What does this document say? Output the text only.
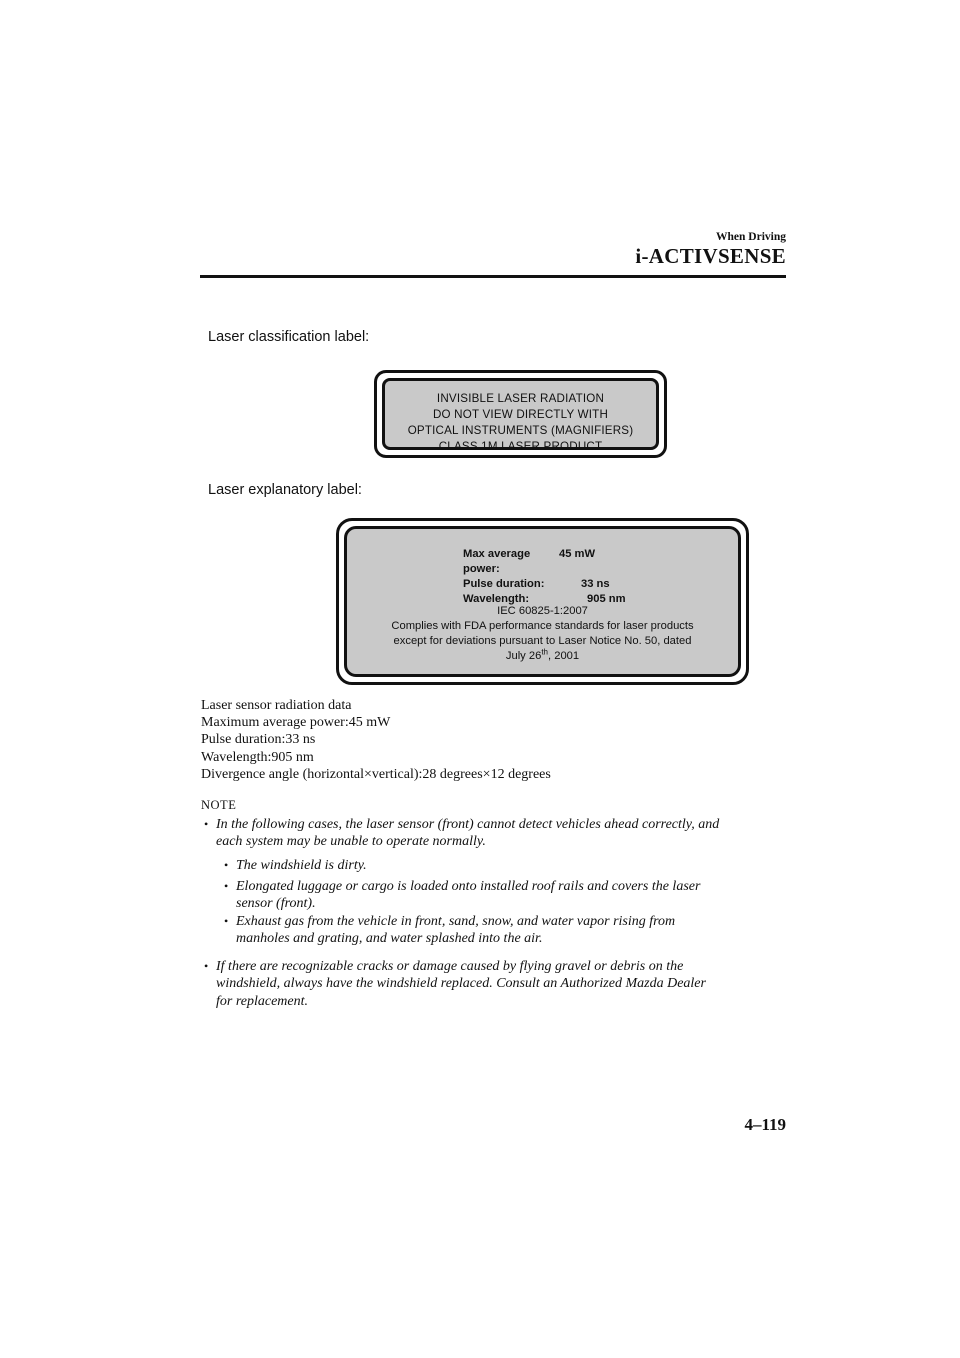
When Driving
i-ACTIVSENSE
Laser classification label:
INVISIBLE LASER RADIATION
DO NOT VIEW DIRECTLY WITH
OPTICAL INSTRUMENTS (MAGNIFIERS)
CLASS 1M LASER PRODUCT
Laser explanatory label:
Max average power:
45 mW
Pulse duration:	33 ns
Wavelength:	905 nm
IEC 60825-1:2007
Complies with FDA performance standards for laser products
except for deviations pursuant to Laser Notice No. 50, dated
July 26th, 2001
Laser sensor radiation data
Maximum average power:45 mW
Pulse duration:33 ns
Wavelength:905 nm
Divergence angle (horizontal×vertical):28 degrees×12 degrees
NOTE
• In the following cases, the laser sensor (front) cannot detect vehicles ahead correctly, and
each system may be unable to operate normally.
• The windshield is dirty.
• Elongated luggage or cargo is loaded onto installed roof rails and covers the laser
sensor (front).
• Exhaust gas from the vehicle in front, sand, snow, and water vapor rising from
manholes and grating, and water splashed into the air.
• If there are recognizable cracks or damage caused by flying gravel or debris on the
windshield, always have the windshield replaced. Consult an Authorized Mazda Dealer
for replacement.
4–119
